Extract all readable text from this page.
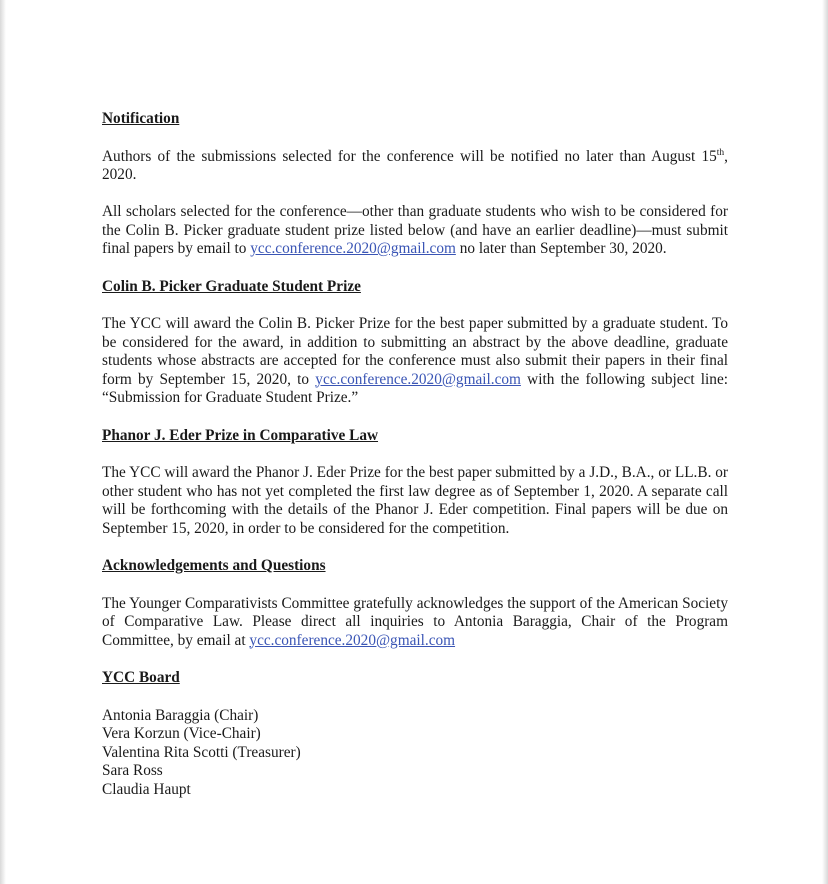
Notification

Authors of the submissions selected for the conference will be notified no later than August 15th, 2020.

All scholars selected for the conference—other than graduate students who wish to be considered for the Colin B. Picker graduate student prize listed below (and have an earlier deadline)—must submit final papers by email to ycc.conference.2020@gmail.com no later than September 30, 2020.

Colin B. Picker Graduate Student Prize

The YCC will award the Colin B. Picker Prize for the best paper submitted by a graduate student. To be considered for the award, in addition to submitting an abstract by the above deadline, graduate students whose abstracts are accepted for the conference must also submit their papers in their final form by September 15, 2020, to ycc.conference.2020@gmail.com with the following subject line: “Submission for Graduate Student Prize.”

Phanor J. Eder Prize in Comparative Law

The YCC will award the Phanor J. Eder Prize for the best paper submitted by a J.D., B.A., or LL.B. or other student who has not yet completed the first law degree as of September 1, 2020. A separate call will be forthcoming with the details of the Phanor J. Eder competition. Final papers will be due on September 15, 2020, in order to be considered for the competition.

Acknowledgements and Questions

The Younger Comparativists Committee gratefully acknowledges the support of the American Society of Comparative Law. Please direct all inquiries to Antonia Baraggia, Chair of the Program Committee, by email at ycc.conference.2020@gmail.com

YCC Board
Antonia Baraggia (Chair)
Vera Korzun (Vice-Chair)
Valentina Rita Scotti (Treasurer)
Sara Ross
Claudia Haupt
